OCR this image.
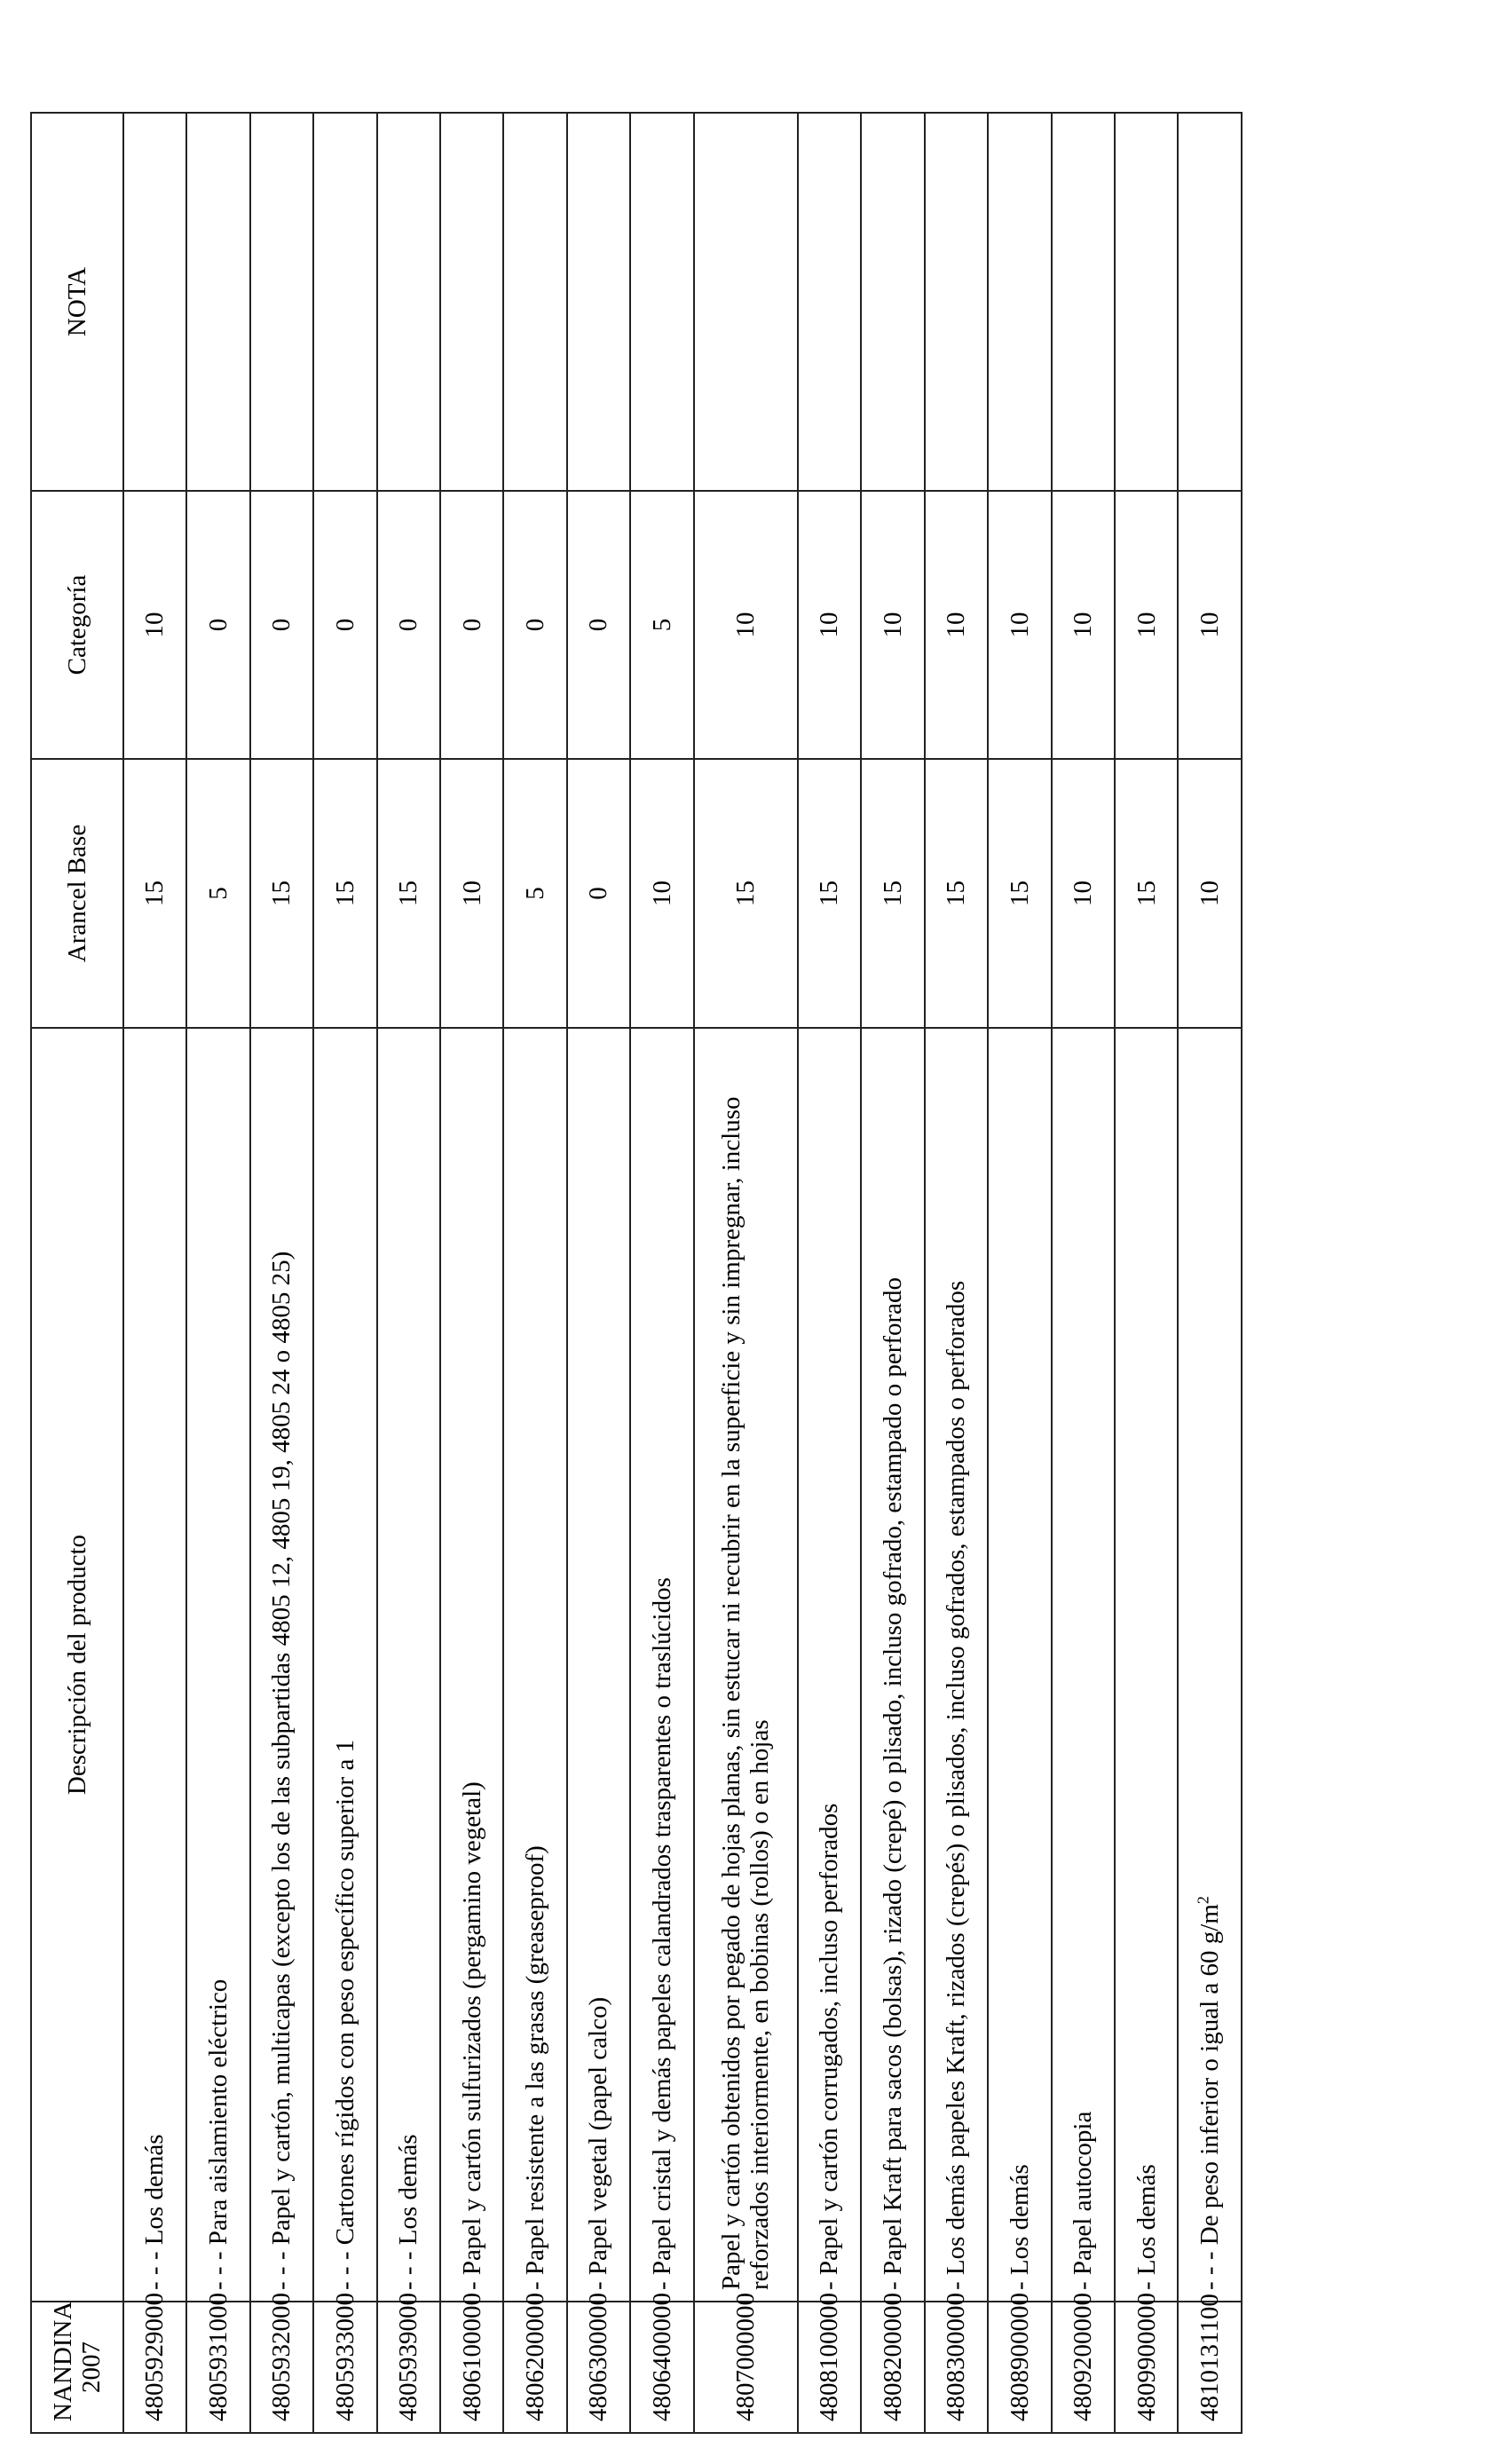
NANDINA 2007	Descripción del producto	Arancel Base	Categoría	NOTA
4805929000	- - - Los demás	15	10	
4805931000	- - - Para aislamiento eléctrico	5	0	
4805932000	- - - Papel y cartón, multicapas (excepto los de las subpartidas 4805 12, 4805 19, 4805 24 o 4805 25)	15	0	
4805933000	- - - Cartones rígidos con peso específico superior a 1	15	0	
4805939000	- - - Los demás	15	0	
4806100000	- Papel y cartón sulfurizados (pergamino vegetal)	10	0	
4806200000	- Papel resistente a las grasas (greaseproof)	5	0	
4806300000	- Papel vegetal (papel calco)	0	0	
4806400000	- Papel cristal y demás papeles calandrados trasparentes o traslúcidos	10	5	
4807000000	Papel y cartón obtenidos por pegado de hojas planas, sin estucar ni recubrir en la superficie y sin impregnar, incluso reforzados interiormente, en bobinas (rollos) o en hojas	15	10	
4808100000	- Papel y cartón corrugados, incluso perforados	15	10	
4808200000	- Papel Kraft para sacos (bolsas), rizado (crepé) o plisado, incluso gofrado, estampado o perforado	15	10	
4808300000	- Los demás papeles Kraft, rizados (crepés) o plisados, incluso gofrados, estampados o perforados	15	10	
4808900000	- Los demás	15	10	
4809200000	- Papel autocopia	10	10	
4809900000	- Los demás	15	10	
4810131100	- - - De peso inferior o igual a 60 $g/m^2$	10	10	
